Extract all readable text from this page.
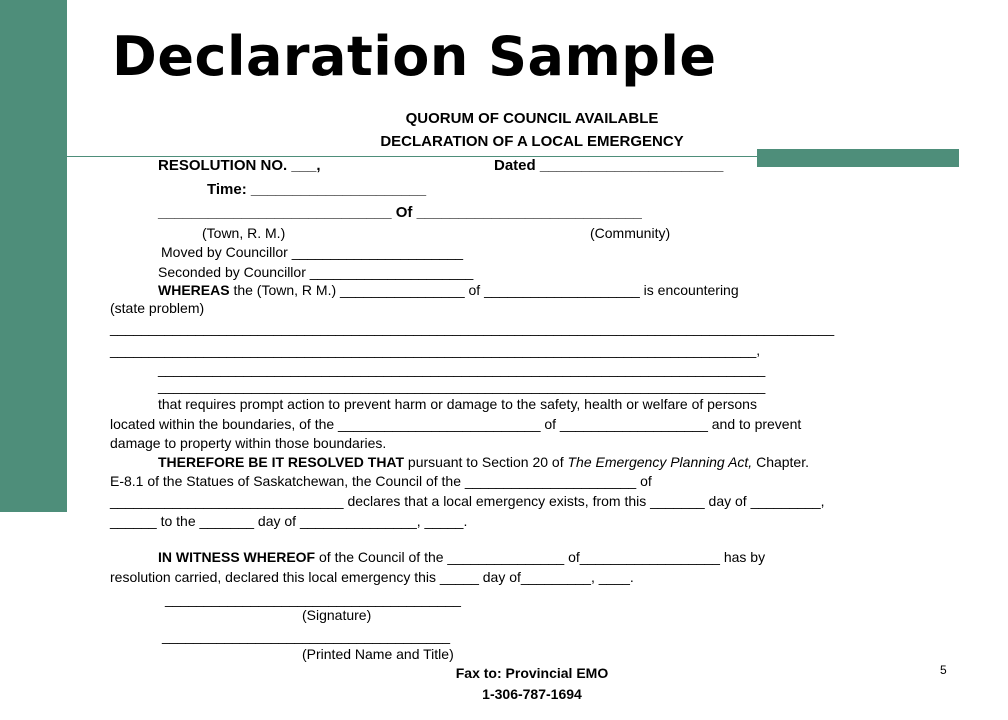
Declaration Sample
QUORUM OF COUNCIL AVAILABLE
DECLARATION OF A LOCAL EMERGENCY
RESOLUTION NO. ___,	Dated ______________________
Time: _____________________
____________________________ Of ___________________________
(Town, R. M.)	(Community)
Moved by Councillor ______________________
Seconded by Councillor _____________________
WHEREAS the (Town, R M.) ________________ of ____________________ is encountering
(state problem)
_____________________________________________________________________________________________
___________________________________________________________________________________,
______________________________________________________________________________
______________________________________________________________________________
that requires prompt action to prevent harm or damage to the safety, health or welfare of persons
located within the boundaries, of the __________________________ of ___________________ and to prevent
damage to property within those boundaries.
THEREFORE BE IT RESOLVED THAT pursuant to Section 20 of The Emergency Planning Act, Chapter.
E-8.1 of the Statues of Saskatchewan, the Council of the ______________________ of
______________________________ declares that a local emergency exists, from this _______ day of _________,
______ to the _______ day of _______________, _____.
IN WITNESS WHEREOF of the Council of the _______________ of__________________ has by
resolution carried, declared this local emergency this _____ day of_________, ____.
______________________________________
(Signature)
_____________________________________
(Printed Name and Title)
Fax to: Provincial EMO
1-306-787-1694
5
